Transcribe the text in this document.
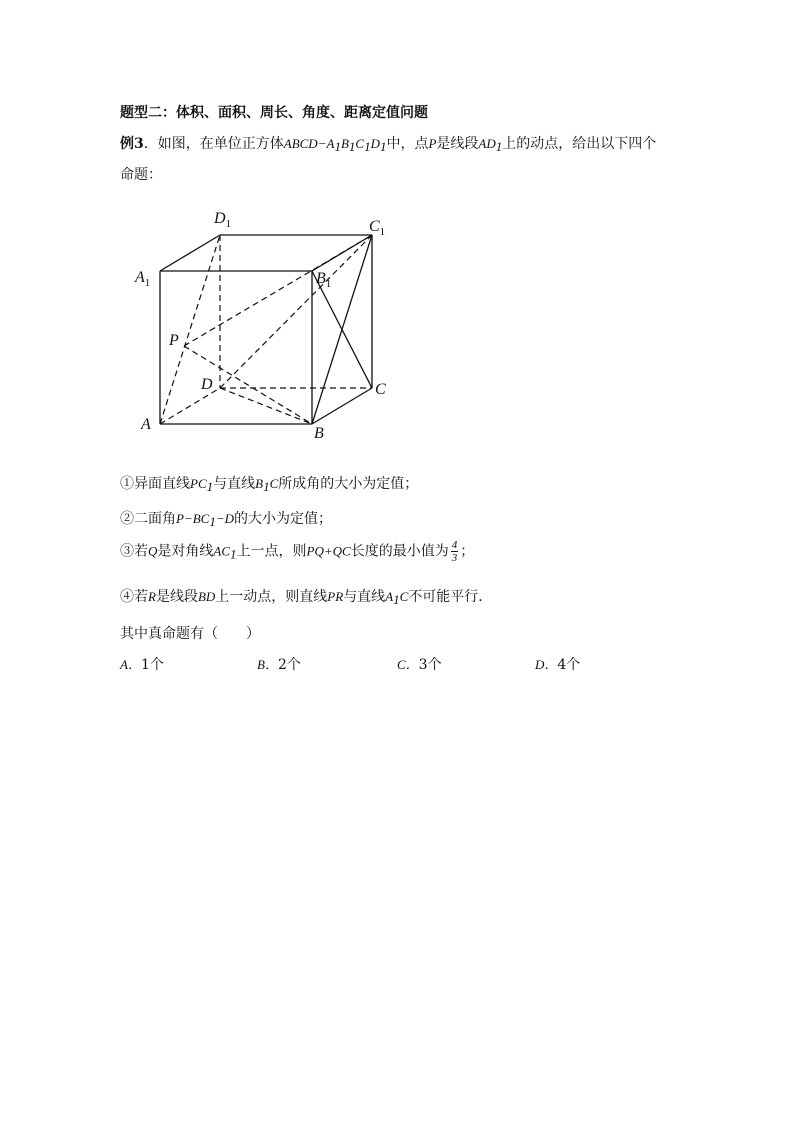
题型二：体积、面积、周长、角度、距离定值问题
例3．如图，在单位正方体$ABCD-A_1B_1C_1D_1$中，点P是线段$AD_1$上的动点，给出以下四个
命题：
$D_1$	$C_1$
$A_1$	$B_1$
P
D	C
A
B
①异面直线$PC_1$与直线$B_1C$所成角的大小为定值；
②二面角$P-BC_1-D$的大小为定值；
③若Q是对角线$AC_1$上一点，则PQ+QC长度的最小值为 $\frac{4}{3}$ ；
④若R是线段BD上一动点，则直线PR与直线$A_1C$不可能平行．
其中真命题有（　　）
A．1个	B．2个	C．3个	D．4个
